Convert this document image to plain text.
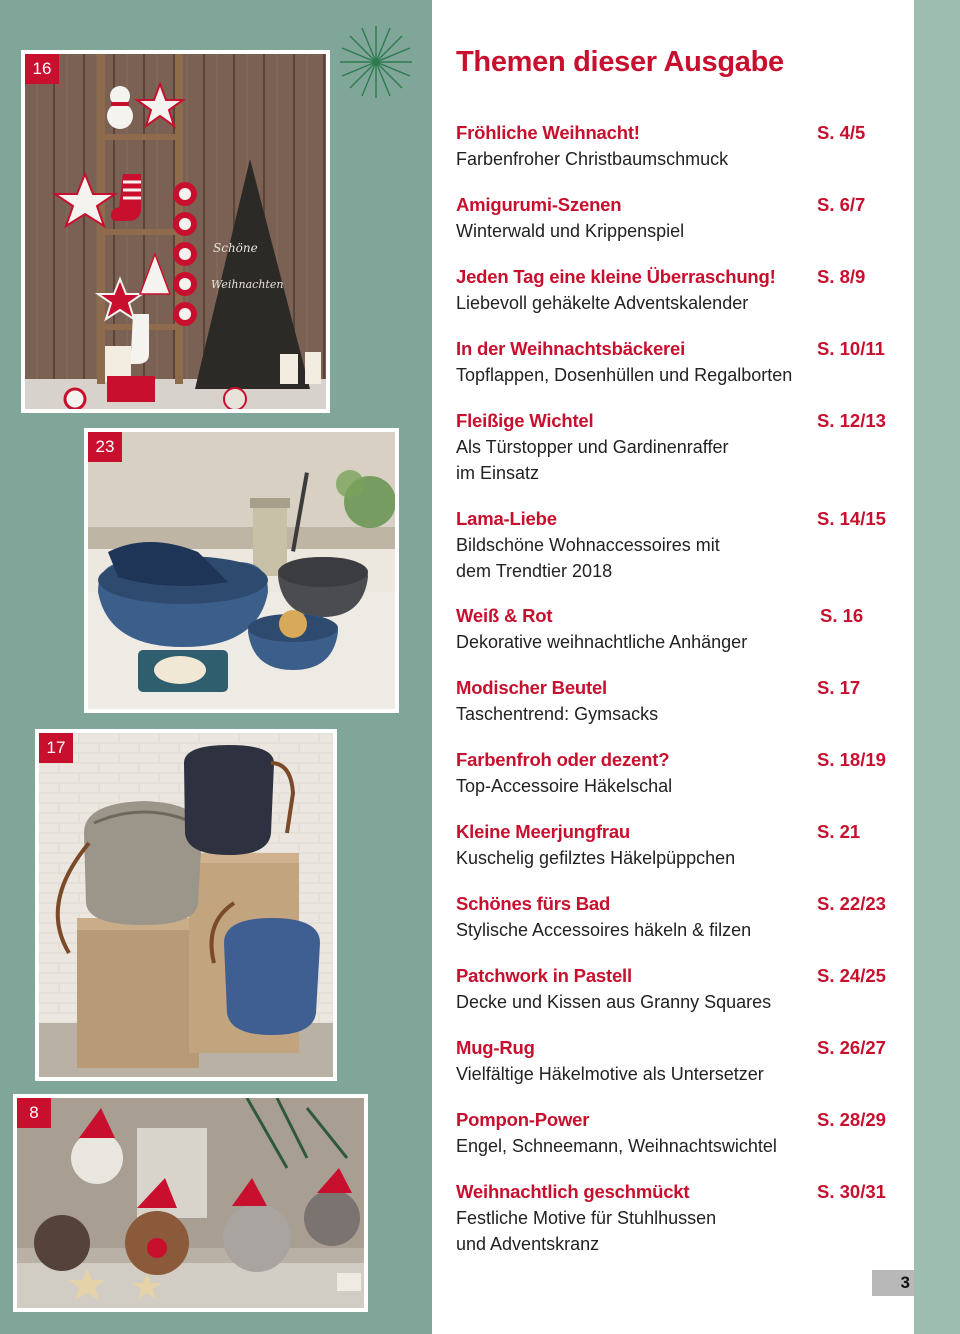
16
Schöne
Weihnachten
23
17
8
Themen dieser Ausgabe
Fröhliche Weihnacht!	S. 4/5
Farbenfroher Christbaumschmuck
Amigurumi-Szenen	S. 6/7
Winterwald und Krippenspiel
Jeden Tag eine kleine Überraschung!	S. 8/9
Liebevoll gehäkelte Adventskalender
In der Weihnachtsbäckerei	S. 10/11
Topflappen, Dosenhüllen und Regalborten
Fleißige Wichtel	S. 12/13
Als Türstopper und Gardinenraffer
im Einsatz
Lama-Liebe	S. 14/15
Bildschöne Wohnaccessoires mit
dem Trendtier 2018
Weiß & Rot	S. 16
Dekorative weihnachtliche Anhänger
Modischer Beutel	S. 17
Taschentrend: Gymsacks
Farbenfroh oder dezent?	S. 18/19
Top-Accessoire Häkelschal
Kleine Meerjungfrau	S. 21
Kuschelig gefilztes Häkelpüppchen
Schönes fürs Bad	S. 22/23
Stylische Accessoires häkeln & filzen
Patchwork in Pastell	S. 24/25
Decke und Kissen aus Granny Squares
Mug-Rug	S. 26/27
Vielfältige Häkelmotive als Untersetzer
Pompon-Power	S. 28/29
Engel, Schneemann, Weihnachtswichtel
Weihnachtlich geschmückt	S. 30/31
Festliche Motive für Stuhlhussen
und Adventskranz
3
